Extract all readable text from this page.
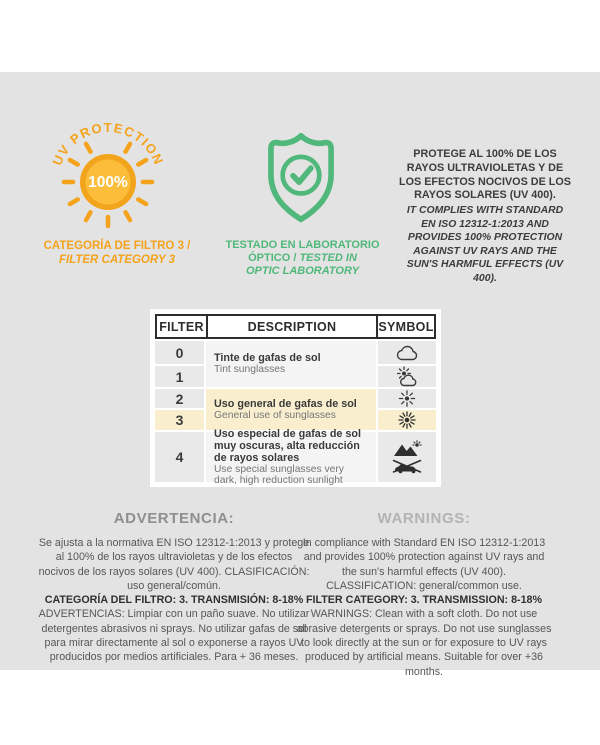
UV PROTECTION
100%
CATEGORÍA DE FILTRO 3 /
FILTER CATEGORY 3
TESTADO EN LABORATORIO
ÓPTICO / TESTED IN
OPTIC LABORATORY
PROTEGE AL 100% DE LOS RAYOS ULTRAVIOLETAS Y DE LOS EFECTOS NOCIVOS DE LOS RAYOS SOLARES (UV 400).
IT COMPLIES WITH STANDARD EN ISO 12312-1:2013 AND PROVIDES 100% PROTECTION AGAINST UV RAYS AND THE SUN'S HARMFUL EFFECTS (UV 400).
FILTER	DESCRIPTION	SYMBOL
0
1
2
3
4
Tinte de gafas de sol
Tint sunglasses
Uso general de gafas de sol
General use of sunglasses
Uso especial de gafas de sol muy oscuras, alta reducción de rayos solares
Use special sunglasses very dark, high reduction sunlight
ADVERTENCIA:

Se ajusta a la normativa EN ISO 12312-1:2013 y protege al 100% de los rayos ultravioletas y de los efectos nocivos de los rayos solares (UV 400). CLASIFICACIÓN: uso general/común.

CATEGORÍA DEL FILTRO: 3. TRANSMISIÓN: 8-18%

ADVERTENCIAS: Limpiar con un paño suave. No utilizar detergentes abrasivos ni sprays. No utilizar gafas de sol para mirar directamente al sol o exponerse a rayos UV producidos por medios artificiales. Para + 36 meses.

WARNINGS:

In compliance with Standard EN ISO 12312-1:2013 and provides 100% protection against UV rays and the sun's harmful effects (UV 400). CLASSIFICATION: general/common use.

FILTER CATEGORY: 3. TRANSMISSION: 8-18%

WARNINGS: Clean with a soft cloth. Do not use abrasive detergents or sprays. Do not use sunglasses to look directly at the sun or for exposure to UV rays produced by artificial means. Suitable for over +36 months.
